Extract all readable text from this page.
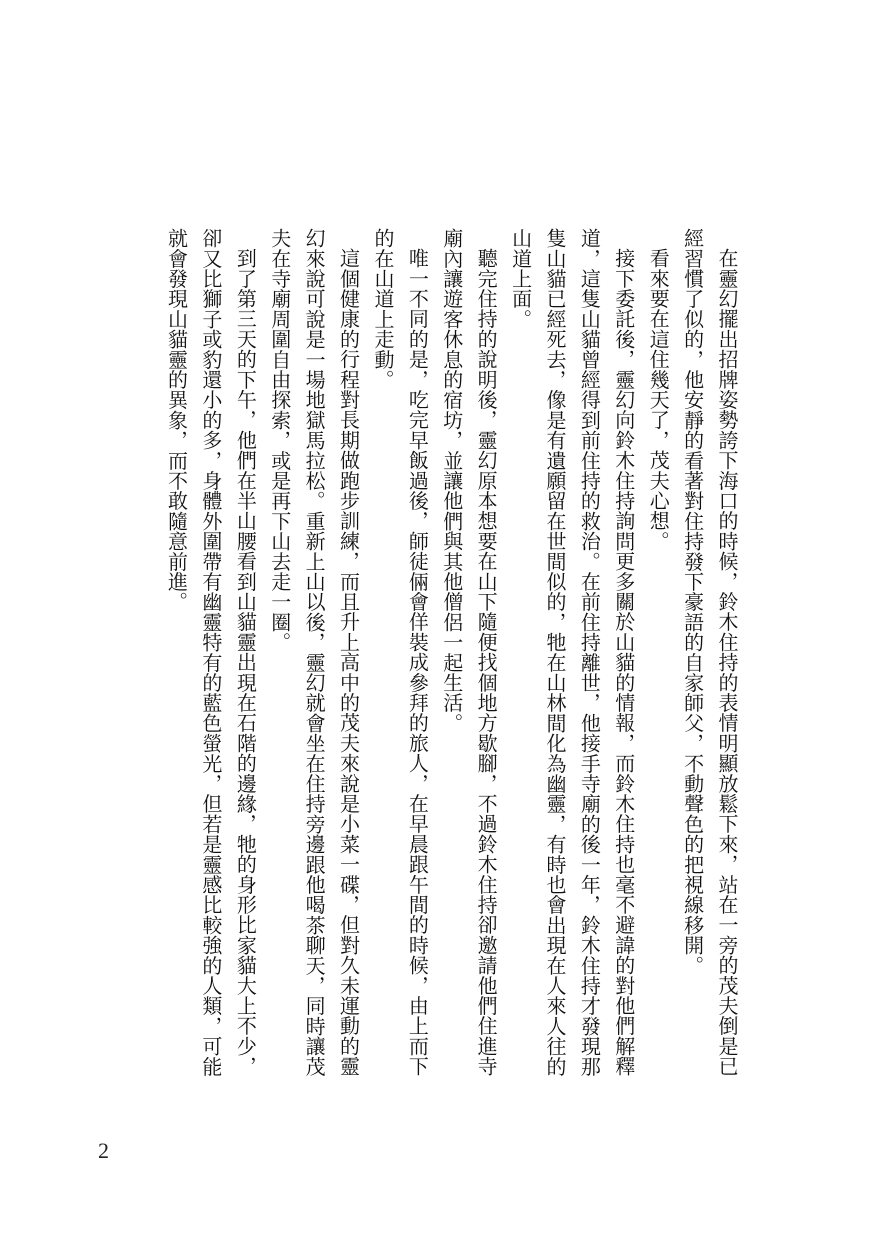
在靈幻擺出招牌姿勢誇下海口的時候，鈴木住持的表情明顯放鬆下來，站在一旁的茂夫倒是已經習慣了似的，他安靜的看著對住持發下豪語的自家師父，不動聲色的把視線移開。

看來要在這住幾天了，茂夫心想。

接下委託後，靈幻向鈴木住持詢問更多關於山貓的情報，而鈴木住持也毫不避諱的對他們解釋道，這隻山貓曾經得到前住持的救治。在前住持離世，他接手寺廟的後一年，鈴木住持才發現那隻山貓已經死去，像是有遺願留在世間似的，牠在山林間化為幽靈，有時也會出現在人來人往的山道上面。

聽完住持的說明後，靈幻原本想要在山下隨便找個地方歇腳，不過鈴木住持卻邀請他們住進寺廟內讓遊客休息的宿坊，並讓他們與其他僧侶一起生活。

唯一不同的是，吃完早飯過後，師徒倆會佯裝成參拜的旅人，在早晨跟午間的時候，由上而下的在山道上走動。

這個健康的行程對長期做跑步訓練，而且升上高中的茂夫來說是小菜一碟，但對久未運動的靈幻來說可說是一場地獄馬拉松。重新上山以後，靈幻就會坐在住持旁邊跟他喝茶聊天，同時讓茂夫在寺廟周圍自由探索，或是再下山去走一圈。

到了第三天的下午，他們在半山腰看到山貓靈出現在石階的邊緣，牠的身形比家貓大上不少，卻又比獅子或豹還小的多，身體外圍帶有幽靈特有的藍色螢光，但若是靈感比較強的人類，可能就會發現山貓靈的異象，而不敢隨意前進。

2
